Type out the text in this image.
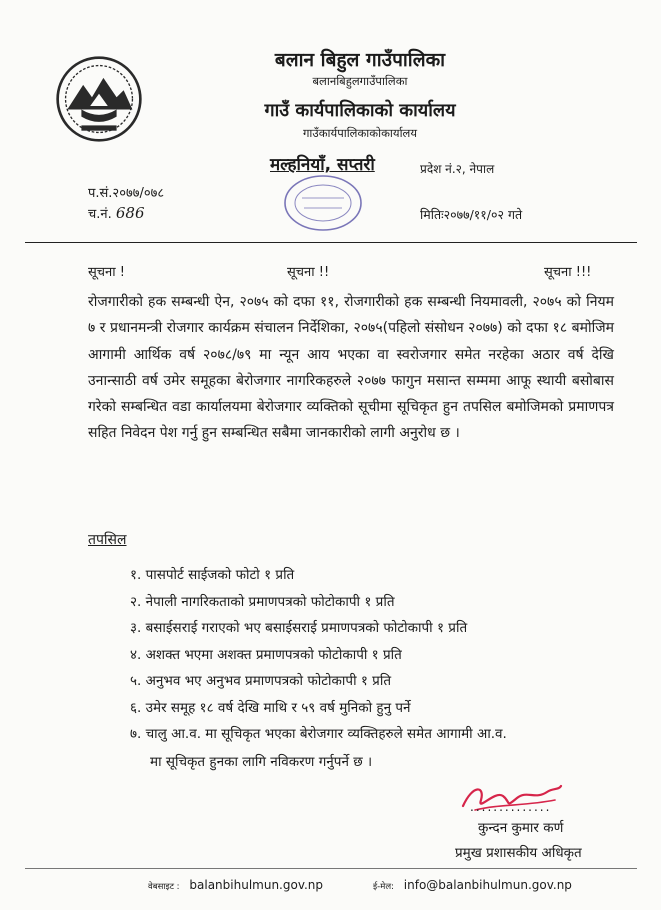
बलान बिहुल गाउँपालिका
बलानबिहुलगाउँपालिका
गाउँ कार्यपालिकाको कार्यालय
गाउँकार्यपालिकाकोकार्यालय
मल्हनियाँ, सप्तरी	प्रदेश नं.२, नेपाल
प.सं.२०७७/०७८
च.नं. 686	मितिः२०७७/११/०२ गते
सूचना !	सूचना !!	सूचना !!!
रोजगारीको हक सम्बन्धी ऐन, २०७५ को दफा ११, रोजगारीको हक सम्बन्धी नियमावली, २०७५ को नियम ७ र प्रधानमन्त्री रोजगार कार्यक्रम संचालन निर्देशिका, २०७५(पहिलो संसोधन २०७७) को दफा १८ बमोजिम आगामी आर्थिक वर्ष २०७८/७९ मा न्यून आय भएका वा स्वरोजगार समेत नरहेका अठार वर्ष देखि उनान्साठी वर्ष उमेर समूहका बेरोजगार नागरिकहरुले २०७७ फागुन मसान्त सम्ममा आफू स्थायी बसोबास गरेको सम्बन्धित वडा कार्यालयमा बेरोजगार व्यक्तिको सूचीमा सूचिकृत हुन तपसिल बमोजिमको प्रमाणपत्र सहित निवेदन पेश गर्नु हुन सम्बन्धित सबैमा जानकारीको लागी अनुरोध छ ।
तपसिल
१. पासपोर्ट साईजको फोटो १ प्रति
२. नेपाली नागरिकताको प्रमाणपत्रको फोटोकापी १ प्रति
३. बसाईसराई गराएको भए बसाईसराई प्रमाणपत्रको फोटोकापी १ प्रति
४. अशक्त भएमा अशक्त प्रमाणपत्रको फोटोकापी १ प्रति
५. अनुभव भए अनुभव प्रमाणपत्रको फोटोकापी १ प्रति
६. उमेर समूह १८ वर्ष देखि माथि र ५९ वर्ष मुनिको हुनु पर्ने
७. चालु आ.व. मा सूचिकृत भएका बेरोजगार व्यक्तिहरुले समेत आगामी आ.व.
मा सूचिकृत हुनका लागि नविकरण गर्नुपर्ने छ ।
..............
कुन्दन कुमार कर्ण
प्रमुख प्रशासकीय अधिकृत
वेबसाइट : balanbihulmun.gov.np	ई-मेल: info@balanbihulmun.gov.np
